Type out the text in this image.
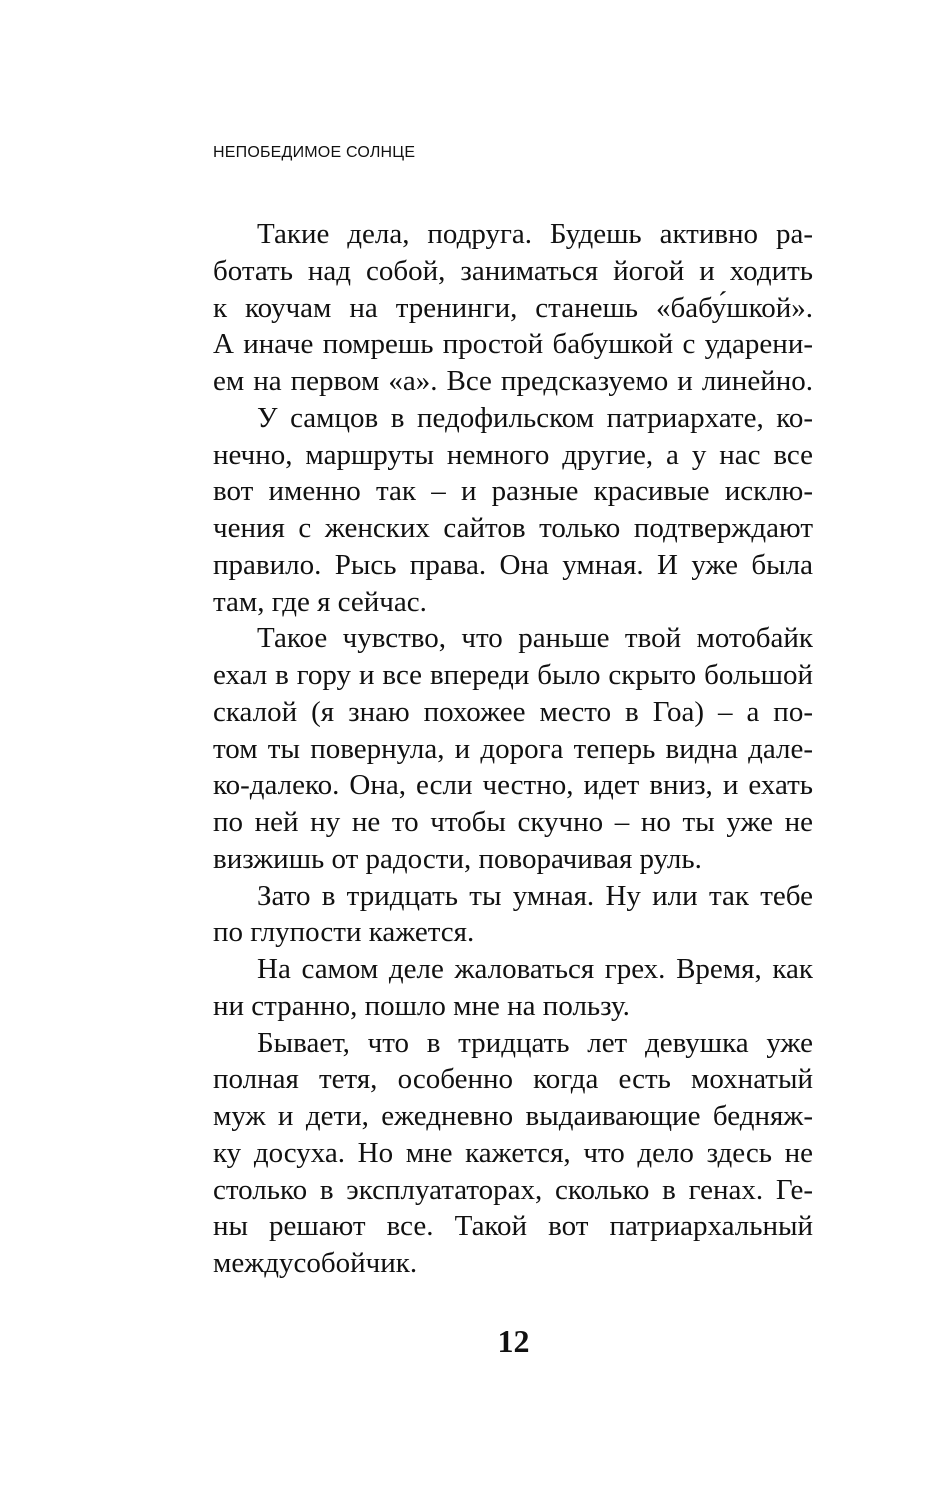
НЕПОБЕДИМОЕ СОЛНЦЕ
Такие дела, подруга. Будешь активно ра-
ботать над собой, заниматься йогой и ходить
к коучам на тренинги, станешь «бабу́шкой».
А иначе помрешь простой бабушкой с ударени-
ем на первом «а». Все предсказуемо и линейно.
У самцов в педофильском патриархате, ко-
нечно, маршруты немного другие, а у нас все
вот именно так – и разные красивые исклю-
чения с женских сайтов только подтверждают
правило. Рысь права. Она умная. И уже была
там, где я сейчас.
Такое чувство, что раньше твой мотобайк
ехал в гору и все впереди было скрыто большой
скалой (я знаю похожее место в Гоа) – а по-
том ты повернула, и дорога теперь видна дале-
ко-далеко. Она, если честно, идет вниз, и ехать
по ней ну не то чтобы скучно – но ты уже не
визжишь от радости, поворачивая руль.
Зато в тридцать ты умная. Ну или так тебе
по глупости кажется.
На самом деле жаловаться грех. Время, как
ни странно, пошло мне на пользу.
Бывает, что в тридцать лет девушка уже
полная тетя, особенно когда есть мохнатый
муж и дети, ежедневно выдаивающие бедняж-
ку досуха. Но мне кажется, что дело здесь не
столько в эксплуататорах, сколько в генах. Ге-
ны решают все. Такой вот патриархальный
междусобойчик.
12
